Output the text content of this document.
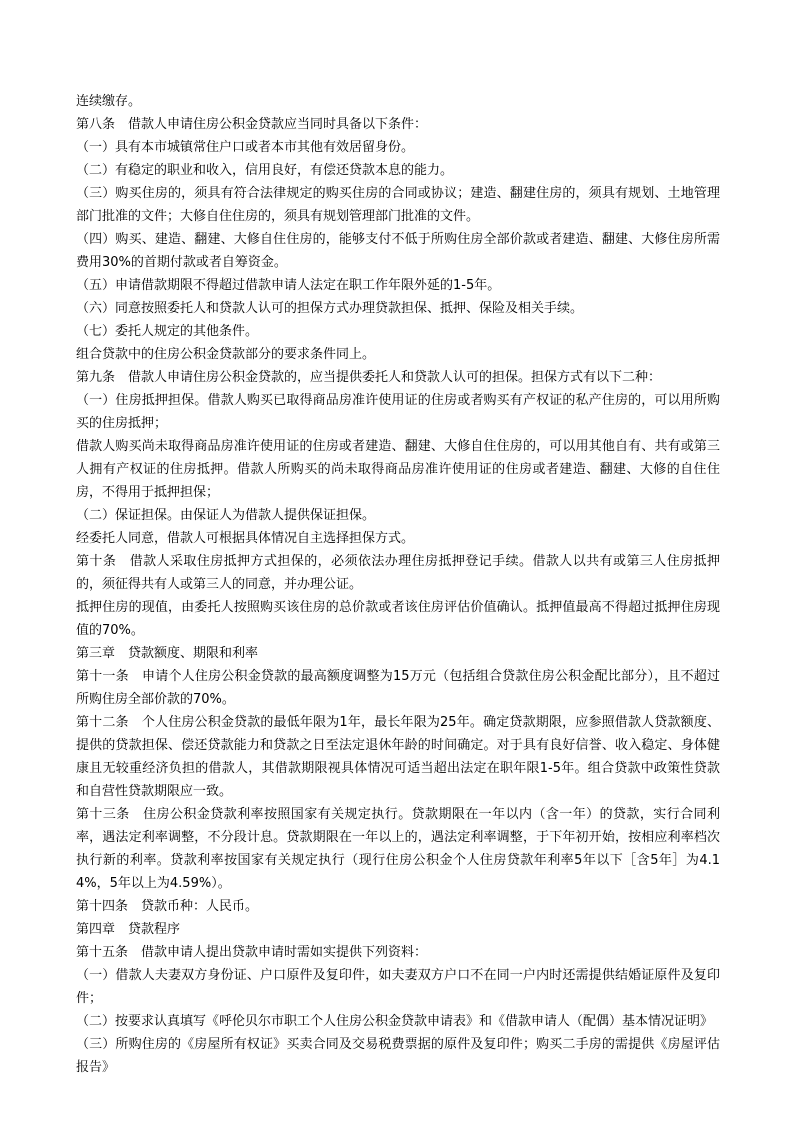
连续缴存。

第八条　借款人申请住房公积金贷款应当同时具备以下条件：

（一）具有本市城镇常住户口或者本市其他有效居留身份。

（二）有稳定的职业和收入，信用良好，有偿还贷款本息的能力。

（三）购买住房的，须具有符合法律规定的购买住房的合同或协议；建造、翻建住房的，须具有规划、土地管理部门批准的文件；大修自住住房的，须具有规划管理部门批准的文件。

（四）购买、建造、翻建、大修自住住房的，能够支付不低于所购住房全部价款或者建造、翻建、大修住房所需费用30%的首期付款或者自筹资金。

（五）申请借款期限不得超过借款申请人法定在职工作年限外延的1-5年。

（六）同意按照委托人和贷款人认可的担保方式办理贷款担保、抵押、保险及相关手续。

（七）委托人规定的其他条件。

组合贷款中的住房公积金贷款部分的要求条件同上。

第九条　借款人申请住房公积金贷款的，应当提供委托人和贷款人认可的担保。担保方式有以下二种：

（一）住房抵押担保。借款人购买已取得商品房准许使用证的住房或者购买有产权证的私产住房的，可以用所购买的住房抵押；

借款人购买尚未取得商品房准许使用证的住房或者建造、翻建、大修自住住房的，可以用其他自有、共有或第三人拥有产权证的住房抵押。借款人所购买的尚未取得商品房准许使用证的住房或者建造、翻建、大修的自住住房，不得用于抵押担保；

（二）保证担保。由保证人为借款人提供保证担保。

经委托人同意，借款人可根据具体情况自主选择担保方式。

第十条　借款人采取住房抵押方式担保的，必须依法办理住房抵押登记手续。借款人以共有或第三人住房抵押的，须征得共有人或第三人的同意，并办理公证。

抵押住房的现值，由委托人按照购买该住房的总价款或者该住房评估价值确认。抵押值最高不得超过抵押住房现值的70%。

第三章　贷款额度、期限和利率

第十一条　申请个人住房公积金贷款的最高额度调整为15万元（包括组合贷款住房公积金配比部分），且不超过所购住房全部价款的70%。

第十二条　个人住房公积金贷款的最低年限为1年，最长年限为25年。确定贷款期限，应参照借款人贷款额度、提供的贷款担保、偿还贷款能力和贷款之日至法定退休年龄的时间确定。对于具有良好信誉、收入稳定、身体健康且无较重经济负担的借款人，其借款期限视具体情况可适当超出法定在职年限1-5年。组合贷款中政策性贷款和自营性贷款期限应一致。

第十三条　住房公积金贷款利率按照国家有关规定执行。贷款期限在一年以内（含一年）的贷款，实行合同利率，遇法定利率调整，不分段计息。贷款期限在一年以上的，遇法定利率调整，于下年初开始，按相应利率档次执行新的利率。贷款利率按国家有关规定执行（现行住房公积金个人住房贷款年利率5年以下［含5年］为4.14%，5年以上为4.59%）。

第十四条　贷款币种：人民币。

第四章　贷款程序

第十五条　借款申请人提出贷款申请时需如实提供下列资料：

（一）借款人夫妻双方身份证、户口原件及复印件，如夫妻双方户口不在同一户内时还需提供结婚证原件及复印件；

（二）按要求认真填写《呼伦贝尔市职工个人住房公积金贷款申请表》和《借款申请人（配偶）基本情况证明》

（三）所购住房的《房屋所有权证》买卖合同及交易税费票据的原件及复印件；购买二手房的需提供《房屋评估报告》
